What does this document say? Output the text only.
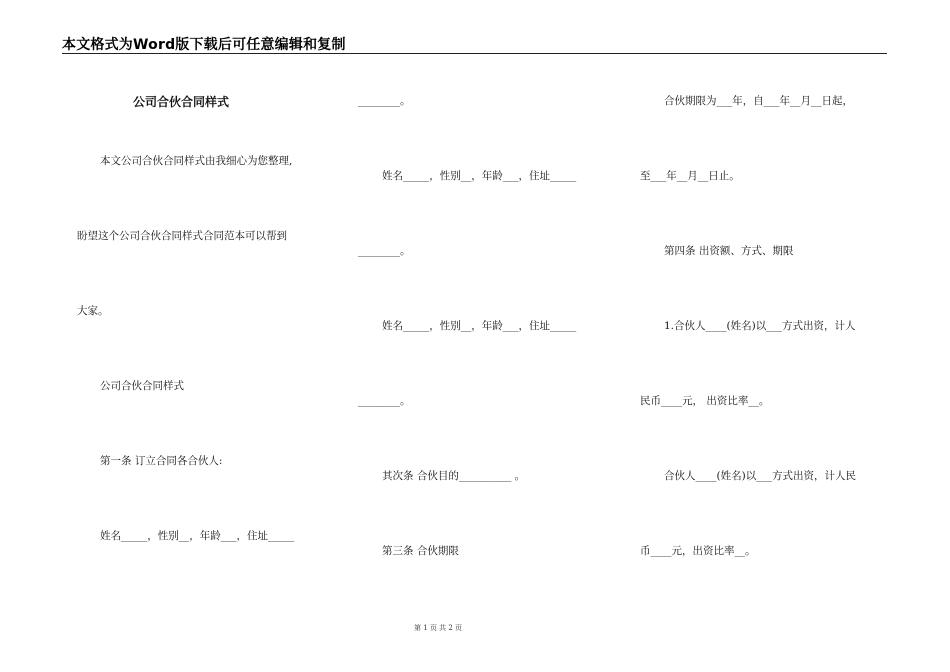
本文格式为Word版下载后可任意编辑和复制
公司合伙合同样式
本文公司合伙合同样式由我细心为您整理,
盼望这个公司合伙合同样式合同范本可以帮到
大家。
公司合伙合同样式
第一条 订立合同各合伙人:
姓名_____，性别__，年龄___，住址_____
________。
姓名_____，性别__，年龄___，住址_____
________。
姓名_____，性别__，年龄___，住址_____
________。
其次条 合伙目的__________ 。
第三条 合伙期限
合伙期限为___年，自___年__月__日起，
至___年__月__日止。
第四条 出资额、方式、期限
1.合伙人____(姓名)以___方式出资，计人
民币____元， 出资比率__。
合伙人____(姓名)以___方式出资，计人民
币____元，出资比率__。
第 1 页 共 2 页
